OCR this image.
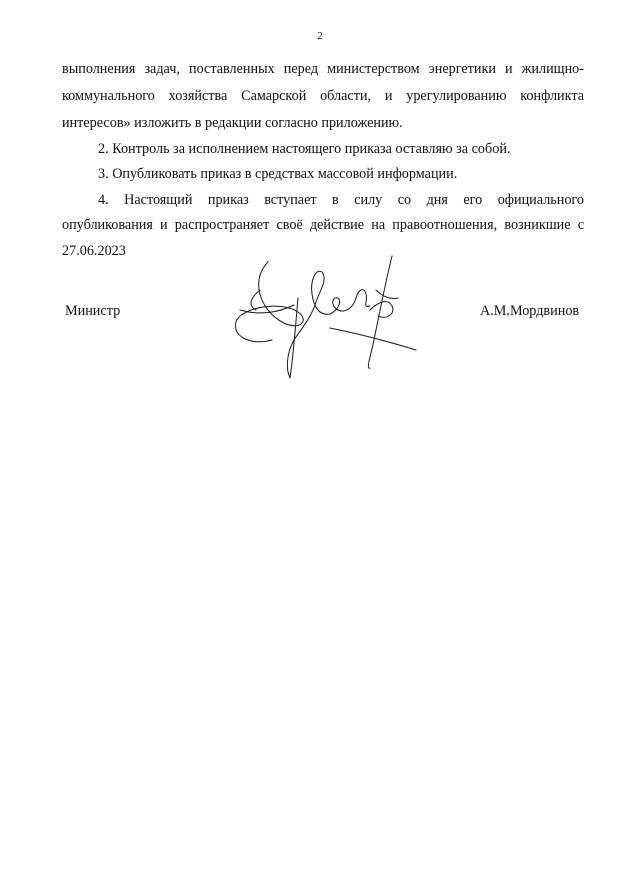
2
выполнения задач, поставленных перед министерством энергетики и жилищно-
коммунального хозяйства Самарской области, и урегулированию конфликта
интересов» изложить в редакции согласно приложению.
2. Контроль за исполнением настоящего приказа оставляю за собой.
3. Опубликовать приказ в средствах массовой информации.
4. Настоящий приказ вступает в силу со дня его официального
опубликования и распространяет своё действие на правоотношения, возникшие с
27.06.2023
Министр	А.М.Мордвинов
